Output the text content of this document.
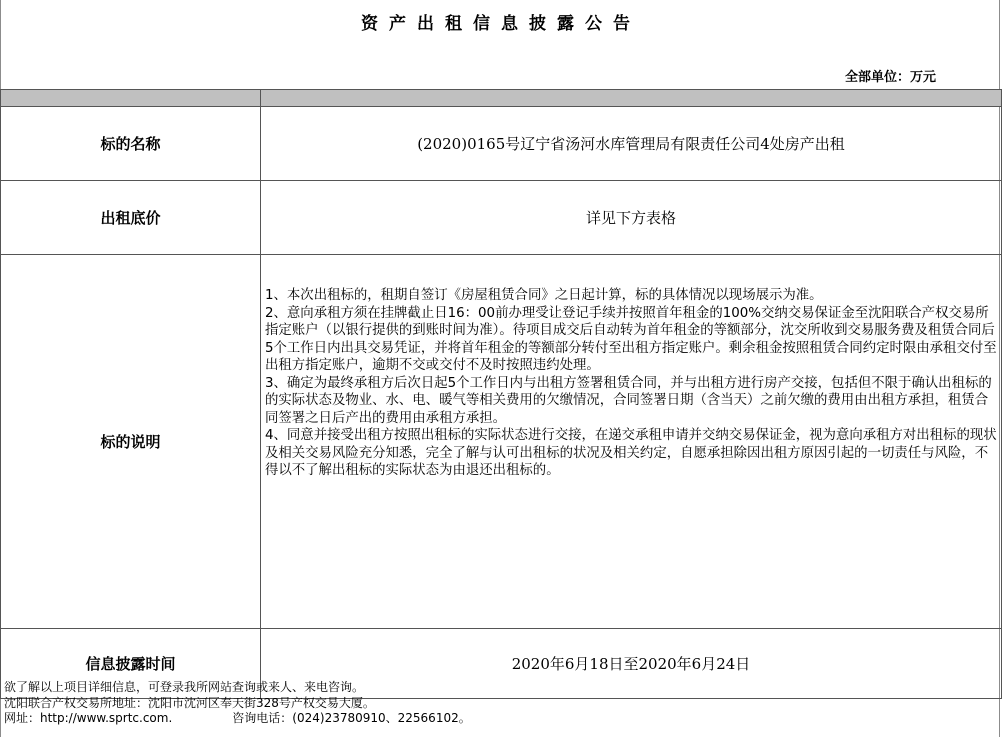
资产出租信息披露公告
全部单位：万元

标的名称	(2020)0165号辽宁省汤河水库管理局有限责任公司4处房产出租
出租底价	详见下方表格
标的说明	1、本次出租标的，租期自签订《房屋租赁合同》之日起计算，标的具体情况以现场展示为准。

2、意向承租方须在挂牌截止日16：00前办理受让登记手续并按照首年租金的100%交纳交易保证金至沈阳联合产权交易所指定账户（以银行提供的到账时间为准）。待项目成交后自动转为首年租金的等额部分，沈交所收到交易服务费及租赁合同后5个工作日内出具交易凭证，并将首年租金的等额部分转付至出租方指定账户。剩余租金按照租赁合同约定时限由承租交付至出租方指定账户，逾期不交或交付不及时按照违约处理。

3、确定为最终承租方后次日起5个工作日内与出租方签署租赁合同，并与出租方进行房产交接，包括但不限于确认出租标的的实际状态及物业、水、电、暖气等相关费用的欠缴情况，合同签署日期（含当天）之前欠缴的费用由出租方承担，租赁合同签署之日后产出的费用由承租方承担。

4、同意并接受出租方按照出租标的实际状态进行交接，在递交承租申请并交纳交易保证金，视为意向承租方对出租标的现状及相关交易风险充分知悉，完全了解与认可出租标的状况及相关约定，自愿承担除因出租方原因引起的一切责任与风险，不得以不了解出租标的实际状态为由退还出租标的。

信息披露时间	2020年6月18日至2020年6月24日

欲了解以上项目详细信息，可登录我所网站查询或来人、来电咨询。

沈阳联合产权交易所地址：沈阳市沈河区奉天街328号产权交易大厦。

网址：http://www.sprtc.com.	咨询电话：(024)23780910、22566102。
